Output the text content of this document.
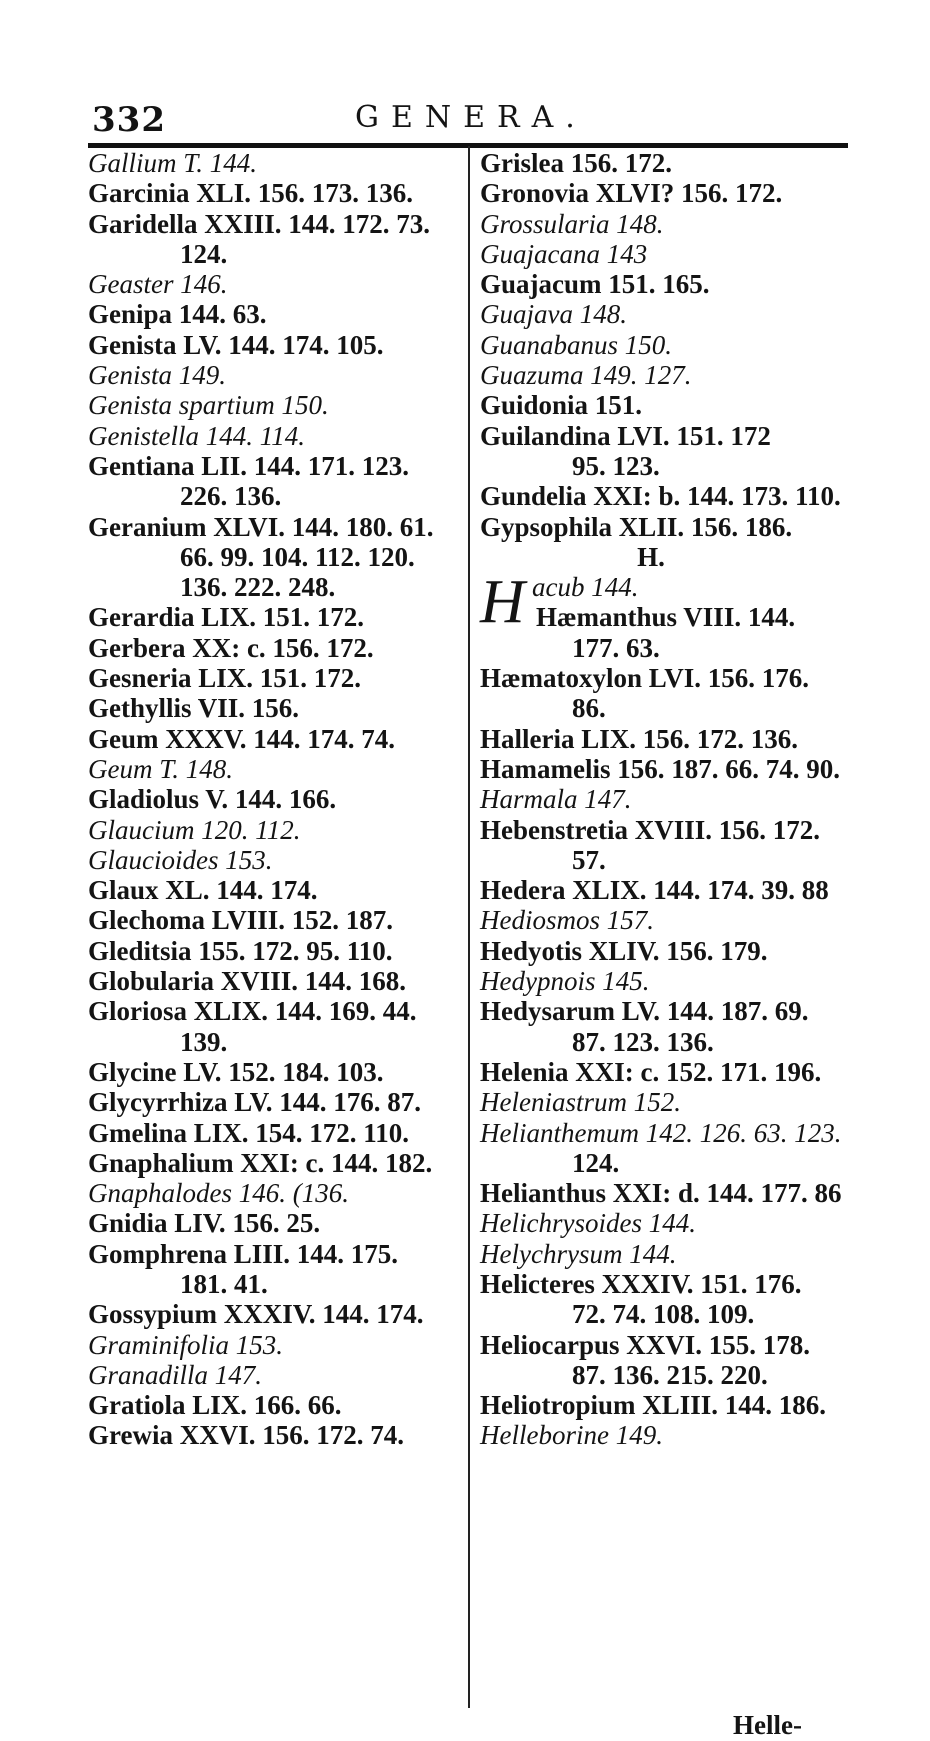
332	GENERA.
Gallium T. 144.
Garcinia XLI. 156. 173. 136.
Garidella XXIII. 144. 172. 73.
124.
Geaster 146.
Genipa 144. 63.
Genista LV. 144. 174. 105.
Genista 149.
Genista spartium 150.
Genistella 144. 114.
Gentiana LII. 144. 171. 123.
226. 136.
Geranium XLVI. 144. 180. 61.
66. 99. 104. 112. 120.
136. 222. 248.
Gerardia LIX. 151. 172.
Gerbera XX: c. 156. 172.
Gesneria LIX. 151. 172.
Gethyllis VII. 156.
Geum XXXV. 144. 174. 74.
Geum T. 148.
Gladiolus V. 144. 166.
Glaucium 120. 112.
Glaucioides 153.
Glaux XL. 144. 174.
Glechoma LVIII. 152. 187.
Gleditsia 155. 172. 95. 110.
Globularia XVIII. 144. 168.
Gloriosa XLIX. 144. 169. 44.
139.
Glycine LV. 152. 184. 103.
Glycyrrhiza LV. 144. 176. 87.
Gmelina LIX. 154. 172. 110.
Gnaphalium XXI: c. 144. 182.
Gnaphalodes 146. (136.
Gnidia LIV. 156. 25.
Gomphrena LIII. 144. 175.
181. 41.
Gossypium XXXIV. 144. 174.
Graminifolia 153.
Granadilla 147.
Gratiola LIX. 166. 66.
Grewia XXVI. 156. 172. 74.
Grislea 156. 172.
Gronovia XLVI? 156. 172.
Grossularia 148.
Guajacana 143
Guajacum 151. 165.
Guajava 148.
Guanabanus 150.
Guazuma 149. 127.
Guidonia 151.
Guilandina LVI. 151. 172
95. 123.
Gundelia XXI: b. 144. 173. 110.
Gypsophila XLII. 156. 186.
H.
H acub 144.
Hæmanthus VIII. 144.
177. 63.
Hæmatoxylon LVI. 156. 176.
86.
Halleria LIX. 156. 172. 136.
Hamamelis 156. 187. 66. 74. 90.
Harmala 147.
Hebenstretia XVIII. 156. 172.
57.
Hedera XLIX. 144. 174. 39. 88
Hediosmos 157.
Hedyotis XLIV. 156. 179.
Hedypnois 145.
Hedysarum LV. 144. 187. 69.
87. 123. 136.
Helenia XXI: c. 152. 171. 196.
Heleniastrum 152.
Helianthemum 142. 126. 63. 123.
124.
Helianthus XXI: d. 144. 177. 86
Helichrysoides 144.
Helychrysum 144.
Helicteres XXXIV. 151. 176.
72. 74. 108. 109.
Heliocarpus XXVI. 155. 178.
87. 136. 215. 220.
Heliotropium XLIII. 144. 186.
Helleborine 149.
Helle-
